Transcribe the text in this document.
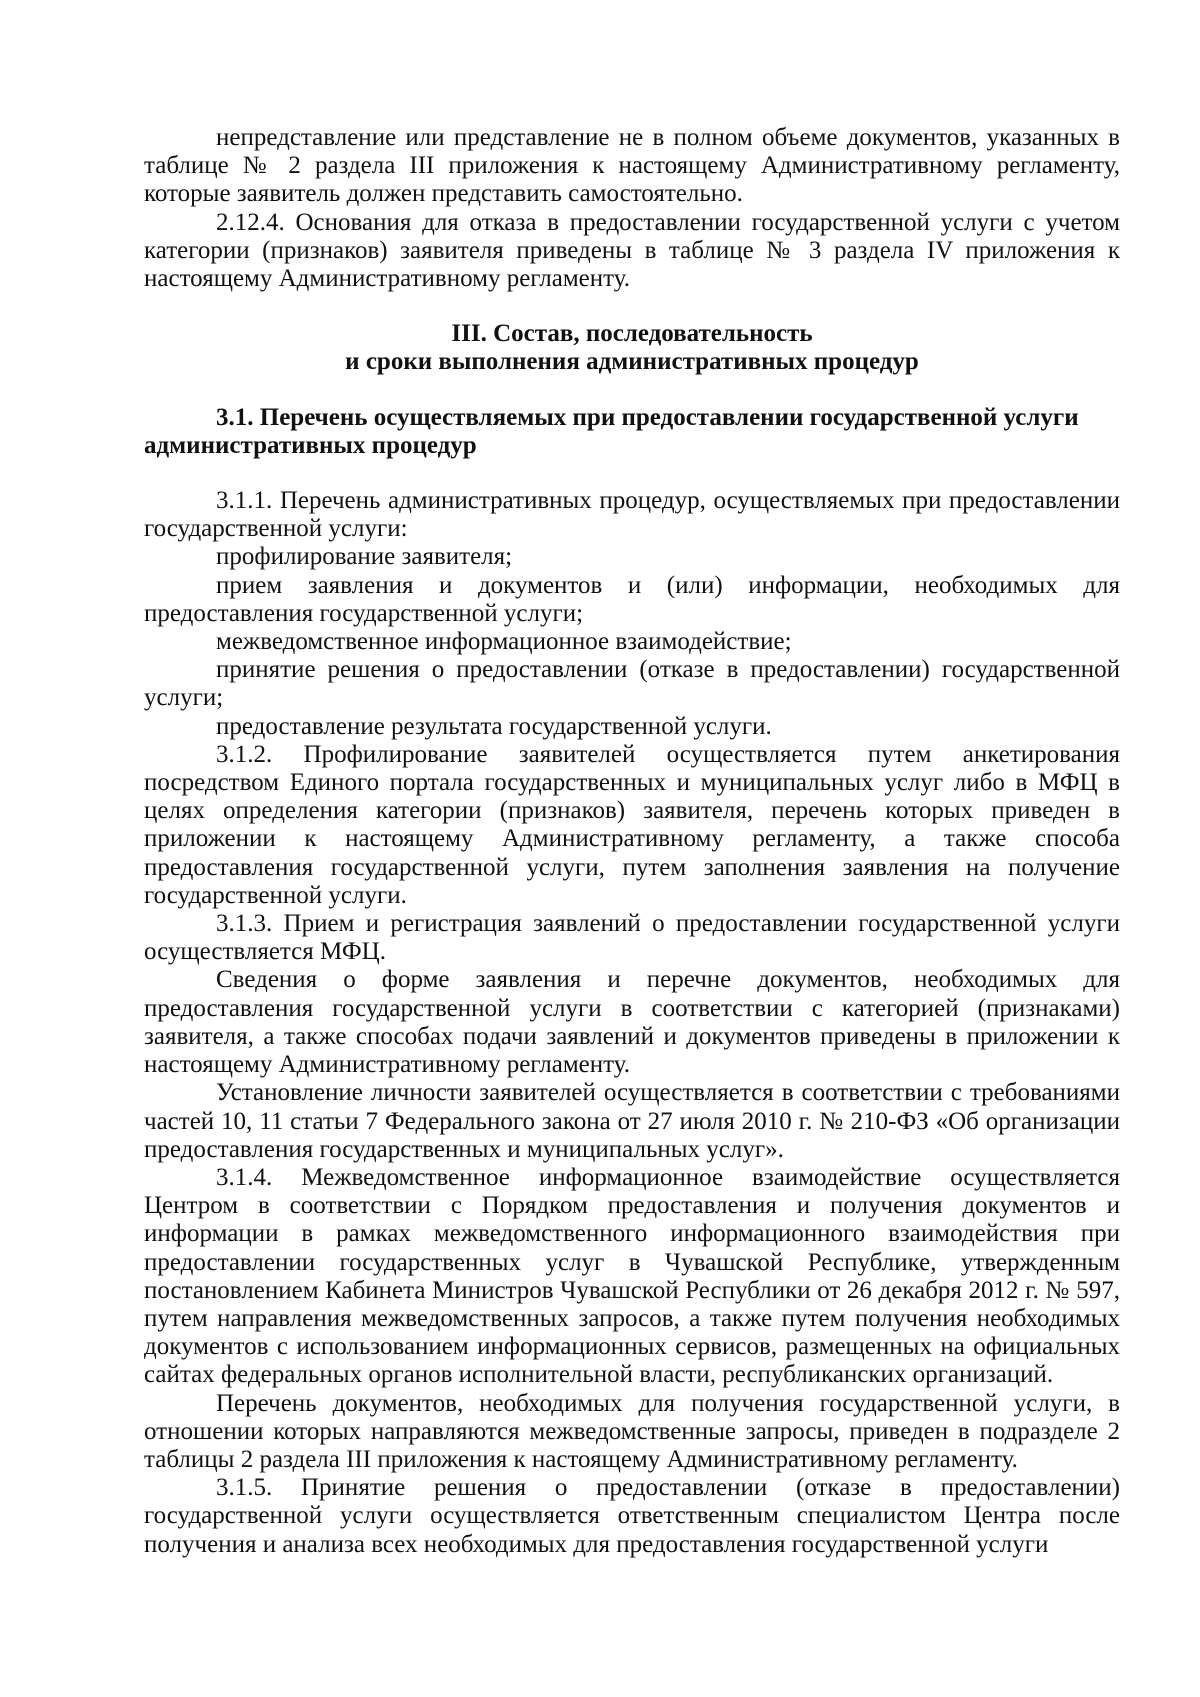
непредставление или представление не в полном объеме документов, указанных в таблице № 2 раздела III приложения к настоящему Административному регламенту, которые заявитель должен представить самостоятельно.

2.12.4. Основания для отказа в предоставлении государственной услуги с учетом категории (признаков) заявителя приведены в таблице № 3 раздела IV приложения к настоящему Административному регламенту.

III. Состав, последовательность

и сроки выполнения административных процедур

3.1. Перечень осуществляемых при предоставлении государственной услуги административных процедур

3.1.1. Перечень административных процедур, осуществляемых при предоставлении государственной услуги:

профилирование заявителя;

прием заявления и документов и (или) информации, необходимых для предоставления государственной услуги;

межведомственное информационное взаимодействие;

принятие решения о предоставлении (отказе в предоставлении) государственной услуги;

предоставление результата государственной услуги.

3.1.2. Профилирование заявителей осуществляется путем анкетирования посредством Единого портала государственных и муниципальных услуг либо в МФЦ в целях определения категории (признаков) заявителя, перечень которых приведен в приложении к настоящему Административному регламенту, а также способа предоставления государственной услуги, путем заполнения заявления на получение государственной услуги.

3.1.3. Прием и регистрация заявлений о предоставлении государственной услуги осуществляется МФЦ.

Сведения о форме заявления и перечне документов, необходимых для предоставления государственной услуги в соответствии с категорией (признаками) заявителя, а также способах подачи заявлений и документов приведены в приложении к настоящему Административному регламенту.

Установление личности заявителей осуществляется в соответствии с требованиями частей 10, 11 статьи 7 Федерального закона от 27 июля 2010 г. № 210-ФЗ «Об организации предоставления государственных и муниципальных услуг».

3.1.4. Межведомственное информационное взаимодействие осуществляется Центром в соответствии с Порядком предоставления и получения документов и информации в рамках межведомственного информационного взаимодействия при предоставлении государственных услуг в Чувашской Республике, утвержденным постановлением Кабинета Министров Чувашской Республики от 26 декабря 2012 г. № 597, путем направления межведомственных запросов, а также путем получения необходимых документов с использованием информационных сервисов, размещенных на официальных сайтах федеральных органов исполнительной власти, республиканских организаций.

Перечень документов, необходимых для получения государственной услуги, в отношении которых направляются межведомственные запросы, приведен в подразделе 2 таблицы 2 раздела III приложения к настоящему Административному регламенту.

3.1.5. Принятие решения о предоставлении (отказе в предоставлении) государственной услуги осуществляется ответственным специалистом Центра после получения и анализа всех необходимых для предоставления государственной услуги
